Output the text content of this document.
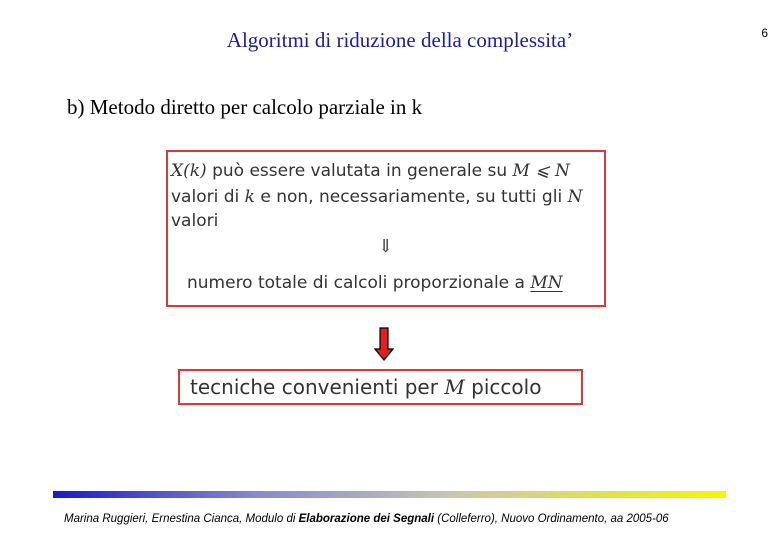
Algoritmi di riduzione della complessita’	6
b) Metodo diretto per calcolo parziale in k
X(k) può essere valutata in generale su M ⩽ N
valori di k e non, necessariamente, su tutti gli N
valori
⇓
numero totale di calcoli proporzionale a MN
tecniche convenienti per M piccolo
Marina Ruggieri, Ernestina Cianca, Modulo di Elaborazione dei Segnali (Colleferro), Nuovo Ordinamento, aa 2005-06
